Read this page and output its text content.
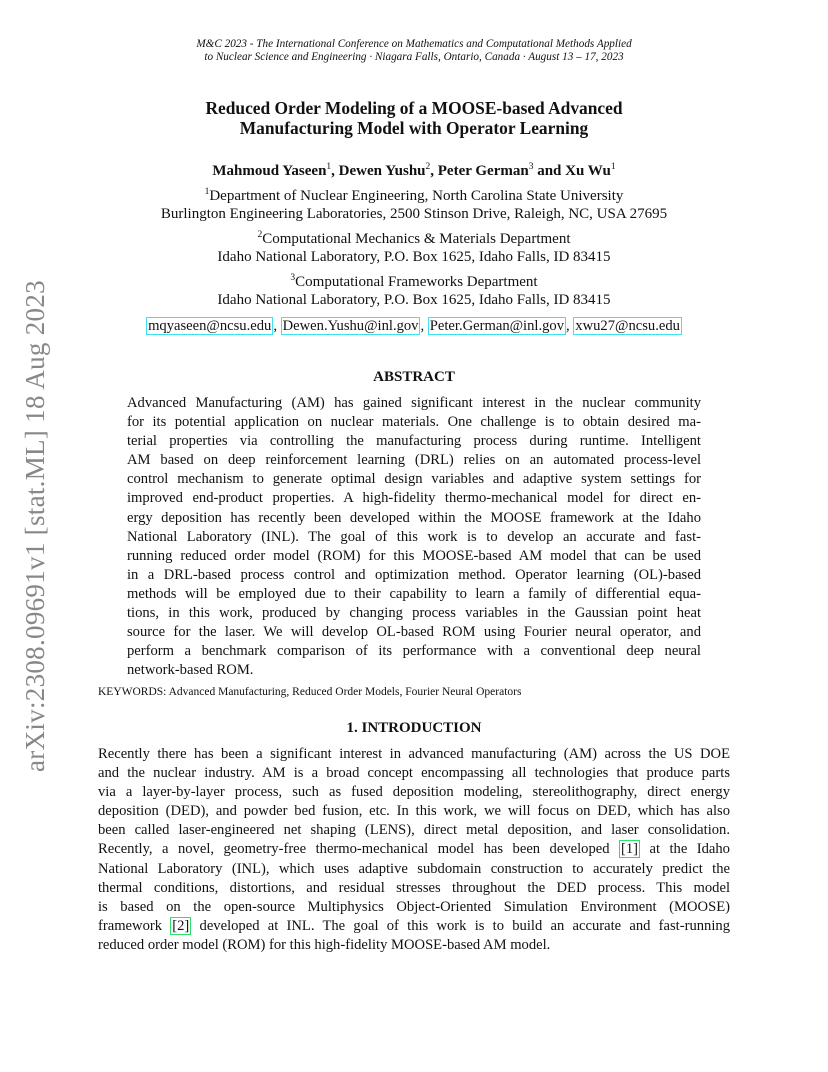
M&C 2023 - The International Conference on Mathematics and Computational Methods Applied
to Nuclear Science and Engineering · Niagara Falls, Ontario, Canada · August 13 – 17, 2023
arXiv:2308.09691v1 [stat.ML] 18 Aug 2023
Reduced Order Modeling of a MOOSE-based Advanced
Manufacturing Model with Operator Learning
Mahmoud Yaseen$^1$, Dewen Yushu$^2$, Peter German$^3$ and Xu Wu$^1$
$^1$Department of Nuclear Engineering, North Carolina State University
Burlington Engineering Laboratories, 2500 Stinson Drive, Raleigh, NC, USA 27695
$^2$Computational Mechanics & Materials Department
Idaho National Laboratory, P.O. Box 1625, Idaho Falls, ID 83415
$^3$Computational Frameworks Department
Idaho National Laboratory, P.O. Box 1625, Idaho Falls, ID 83415
mqyaseen@ncsu.edu , Dewen.Yushu@inl.gov , Peter.German@inl.gov , xwu27@ncsu.edu
ABSTRACT
Advanced Manufacturing (AM) has gained significant interest in the nuclear community
for its potential application on nuclear materials. One challenge is to obtain desired ma-
terial properties via controlling the manufacturing process during runtime. Intelligent
AM based on deep reinforcement learning (DRL) relies on an automated process-level
control mechanism to generate optimal design variables and adaptive system settings for
improved end-product properties. A high-fidelity thermo-mechanical model for direct en-
ergy deposition has recently been developed within the MOOSE framework at the Idaho
National Laboratory (INL). The goal of this work is to develop an accurate and fast-
running reduced order model (ROM) for this MOOSE-based AM model that can be used
in a DRL-based process control and optimization method. Operator learning (OL)-based
methods will be employed due to their capability to learn a family of differential equa-
tions, in this work, produced by changing process variables in the Gaussian point heat
source for the laser. We will develop OL-based ROM using Fourier neural operator, and
perform a benchmark comparison of its performance with a conventional deep neural
network-based ROM.
KEYWORDS: Advanced Manufacturing, Reduced Order Models, Fourier Neural Operators
1. INTRODUCTION
Recently there has been a significant interest in advanced manufacturing (AM) across the US DOE
and the nuclear industry. AM is a broad concept encompassing all technologies that produce parts
via a layer-by-layer process, such as fused deposition modeling, stereolithography, direct energy
deposition (DED), and powder bed fusion, etc. In this work, we will focus on DED, which has also
been called laser-engineered net shaping (LENS), direct metal deposition, and laser consolidation.
Recently, a novel, geometry-free thermo-mechanical model has been developed [1] at the Idaho
National Laboratory (INL), which uses adaptive subdomain construction to accurately predict the
thermal conditions, distortions, and residual stresses throughout the DED process. This model
is based on the open-source Multiphysics Object-Oriented Simulation Environment (MOOSE)
framework [2] developed at INL. The goal of this work is to build an accurate and fast-running
reduced order model (ROM) for this high-fidelity MOOSE-based AM model.
